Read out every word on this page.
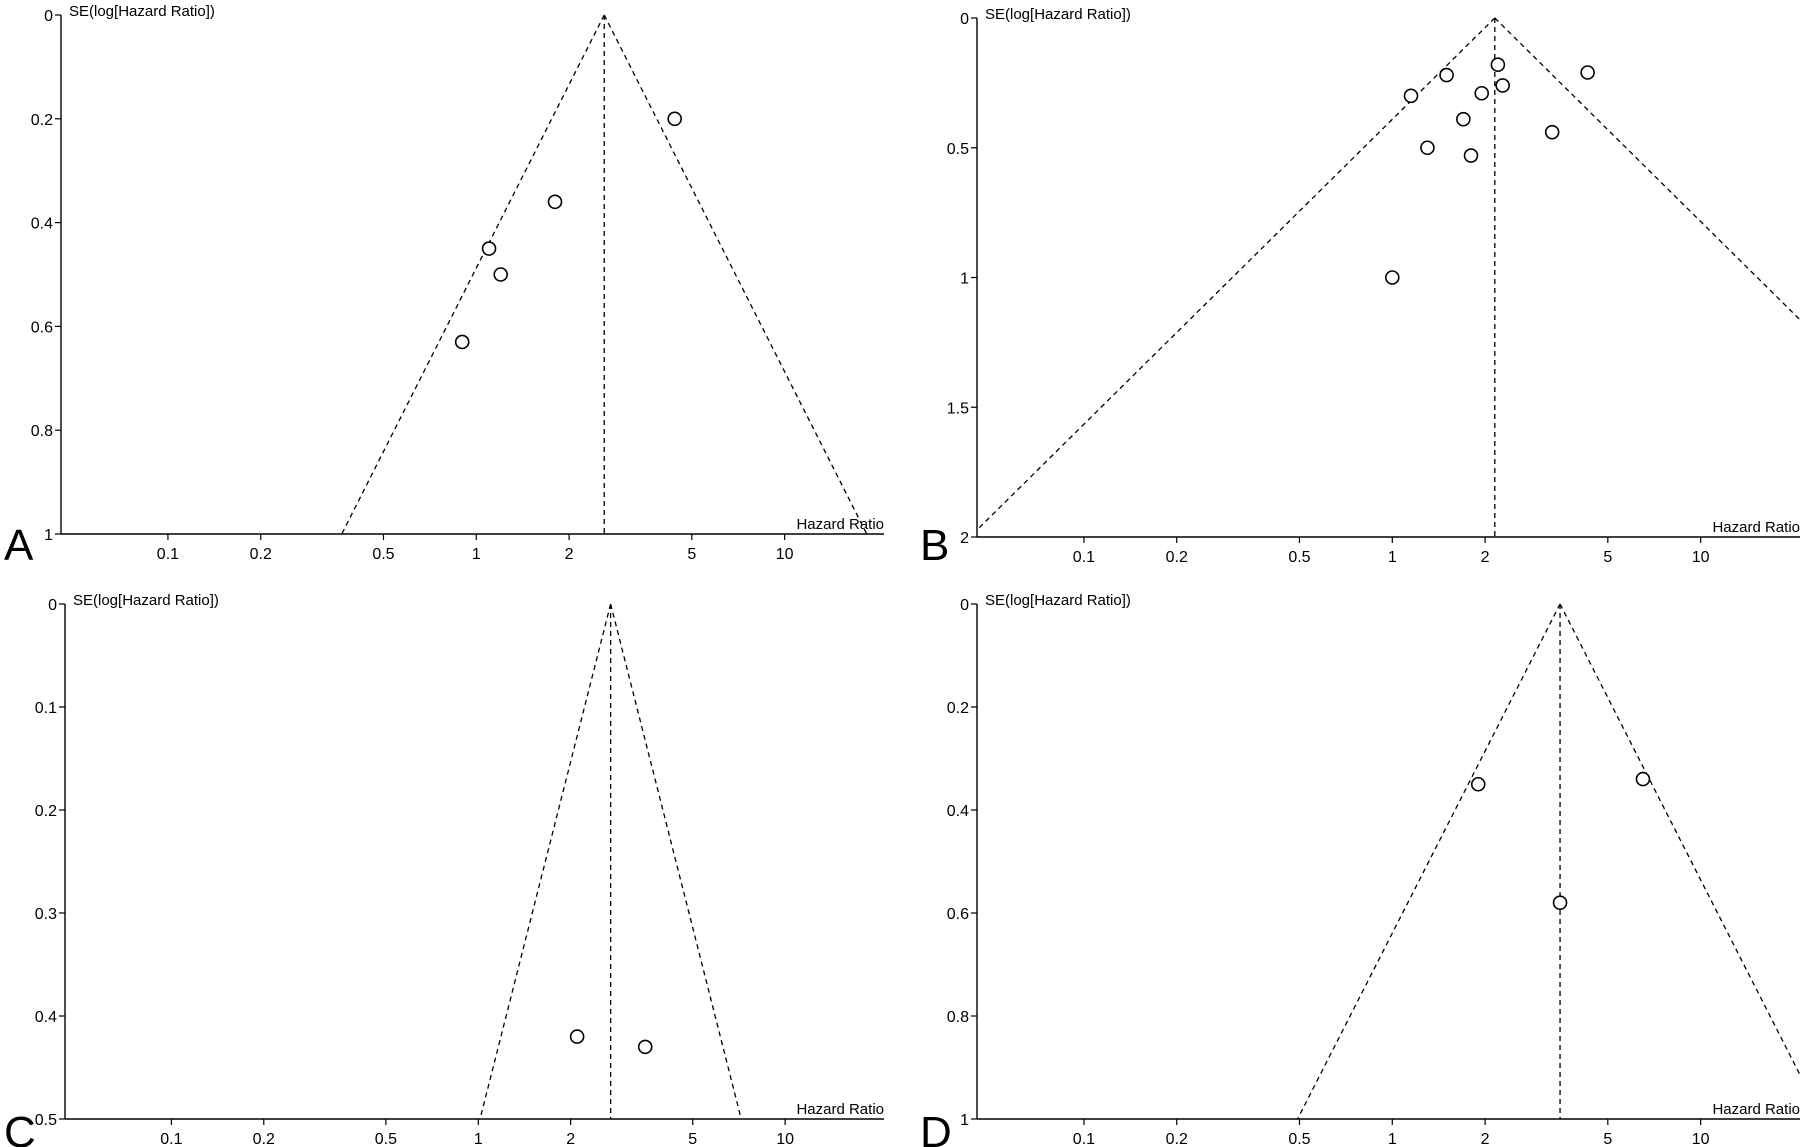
0
0.2
0.4
0.6
0.8
1
0.1	0.2	0.5	1	2	5	10
SE(log[Hazard Ratio])
Hazard Ratio
A
0
0.5
1
1.5
2
0.1	0.2	0.5	1	2	5	10
SE(log[Hazard Ratio])
Hazard Ratio
B
0
0.1
0.2
0.3
0.4
0.5
0.1	0.2	0.5	1	2	5	10
SE(log[Hazard Ratio])
Hazard Ratio
C
0
0.2
0.4
0.6
0.8
1
0.1	0.2	0.5	1	2	5	10
SE(log[Hazard Ratio])
Hazard Ratio
D
